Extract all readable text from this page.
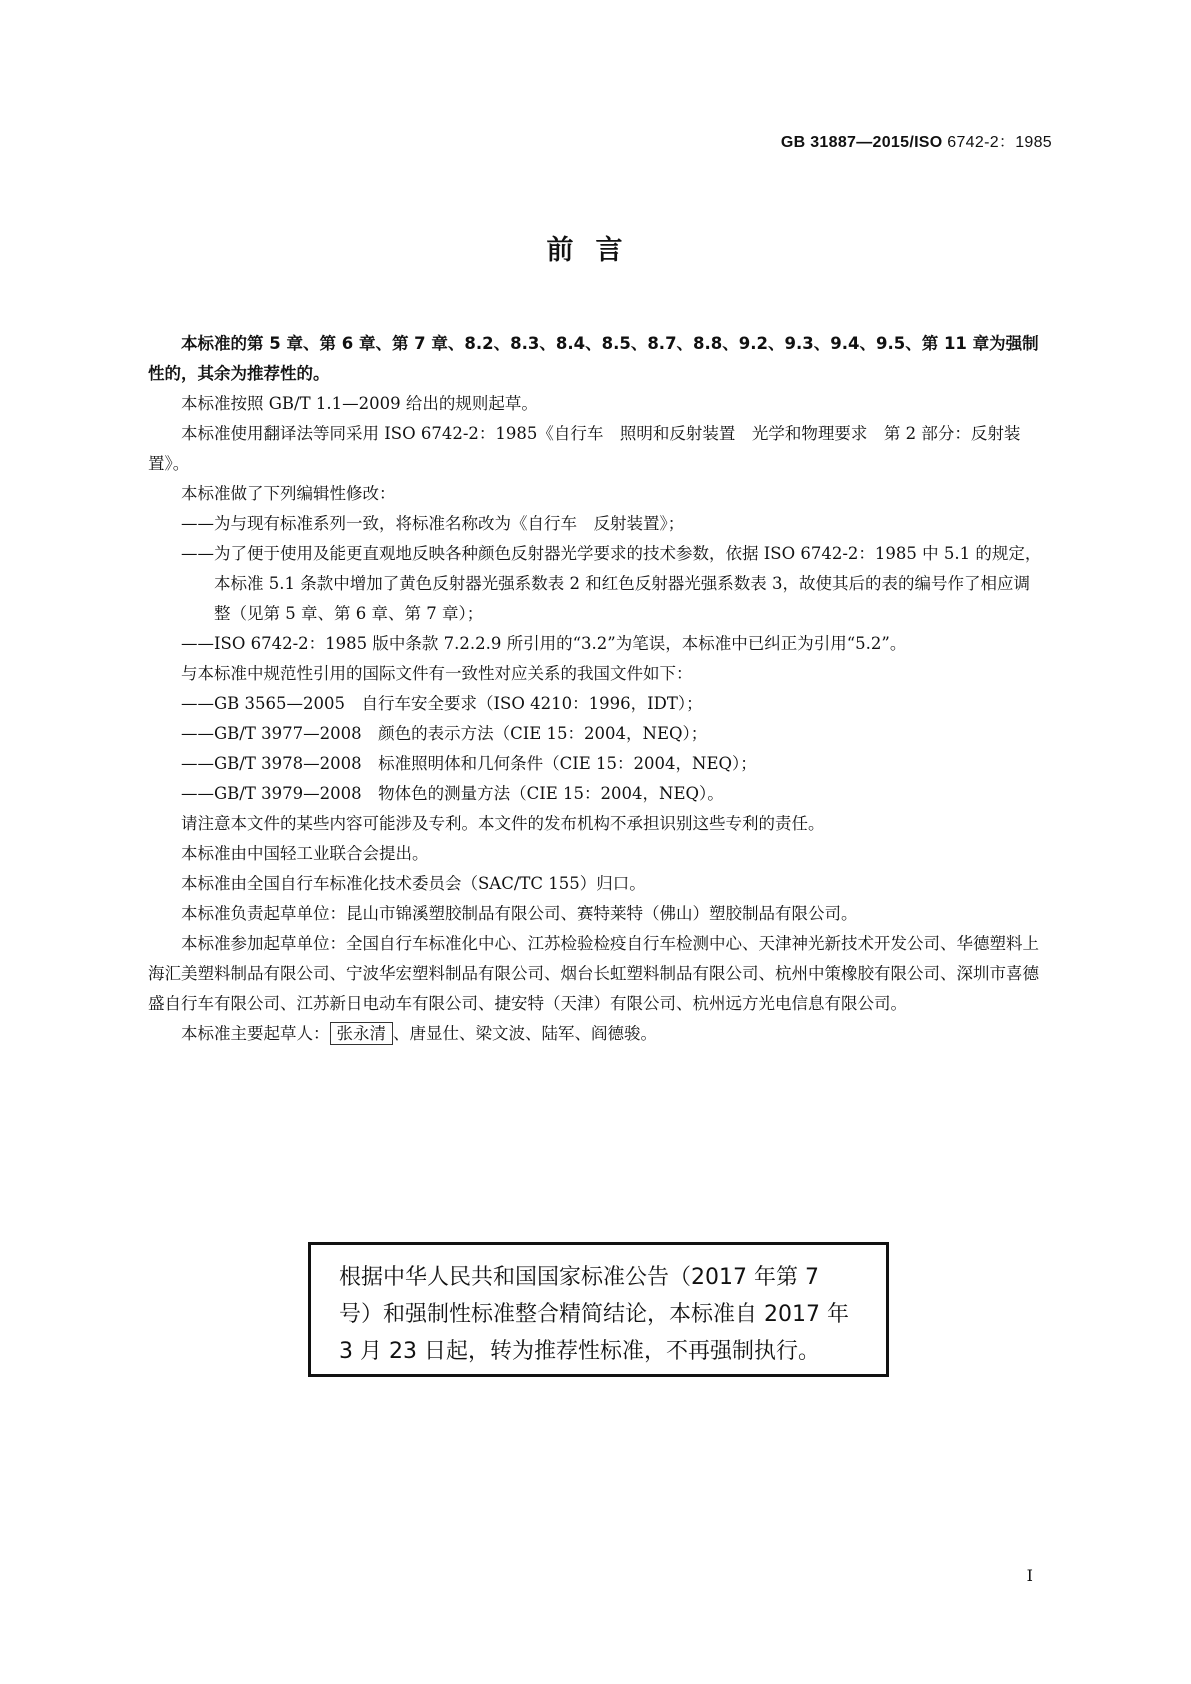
GB 31887—2015/ISO 6742-2：1985
前言

本标准的第 5 章、第 6 章、第 7 章、8.2、8.3、8.4、8.5、8.7、8.8、9.2、9.3、9.4、9.5、第 11 章为强制性的，其余为推荐性的。

本标准按照 GB/T 1.1—2009 给出的规则起草。

本标准使用翻译法等同采用 ISO 6742-2：1985《自行车　照明和反射装置　光学和物理要求　第 2 部分：反射装置》。

本标准做了下列编辑性修改：

——为与现有标准系列一致，将标准名称改为《自行车　反射装置》；

——为了便于使用及能更直观地反映各种颜色反射器光学要求的技术参数，依据 ISO 6742-2：1985 中 5.1 的规定，本标准 5.1 条款中增加了黄色反射器光强系数表 2 和红色反射器光强系数表 3，故使其后的表的编号作了相应调整（见第 5 章、第 6 章、第 7 章）；

——ISO 6742-2：1985 版中条款 7.2.2.9 所引用的“3.2”为笔误，本标准中已纠正为引用“5.2”。

与本标准中规范性引用的国际文件有一致性对应关系的我国文件如下：

——GB 3565—2005　自行车安全要求（ISO 4210：1996，IDT）；

——GB/T 3977—2008　颜色的表示方法（CIE 15：2004，NEQ）；

——GB/T 3978—2008　标准照明体和几何条件（CIE 15：2004，NEQ）；

——GB/T 3979—2008　物体色的测量方法（CIE 15：2004，NEQ）。

请注意本文件的某些内容可能涉及专利。本文件的发布机构不承担识别这些专利的责任。

本标准由中国轻工业联合会提出。

本标准由全国自行车标准化技术委员会（SAC/TC 155）归口。

本标准负责起草单位：昆山市锦溪塑胶制品有限公司、赛特莱特（佛山）塑胶制品有限公司。

本标准参加起草单位：全国自行车标准化中心、江苏检验检疫自行车检测中心、天津神光新技术开发公司、华德塑料上海汇美塑料制品有限公司、宁波华宏塑料制品有限公司、烟台长虹塑料制品有限公司、杭州中策橡胶有限公司、深圳市喜德盛自行车有限公司、江苏新日电动车有限公司、捷安特（天津）有限公司、杭州远方光电信息有限公司。

本标准主要起草人： 张永清 、唐显仕、梁文波、陆军、阎德骏。

根据中华人民共和国国家标准公告（2017 年第 7 号）和强制性标准整合精简结论，本标准自 2017 年 3 月 23 日起，转为推荐性标准，不再强制执行。
I
